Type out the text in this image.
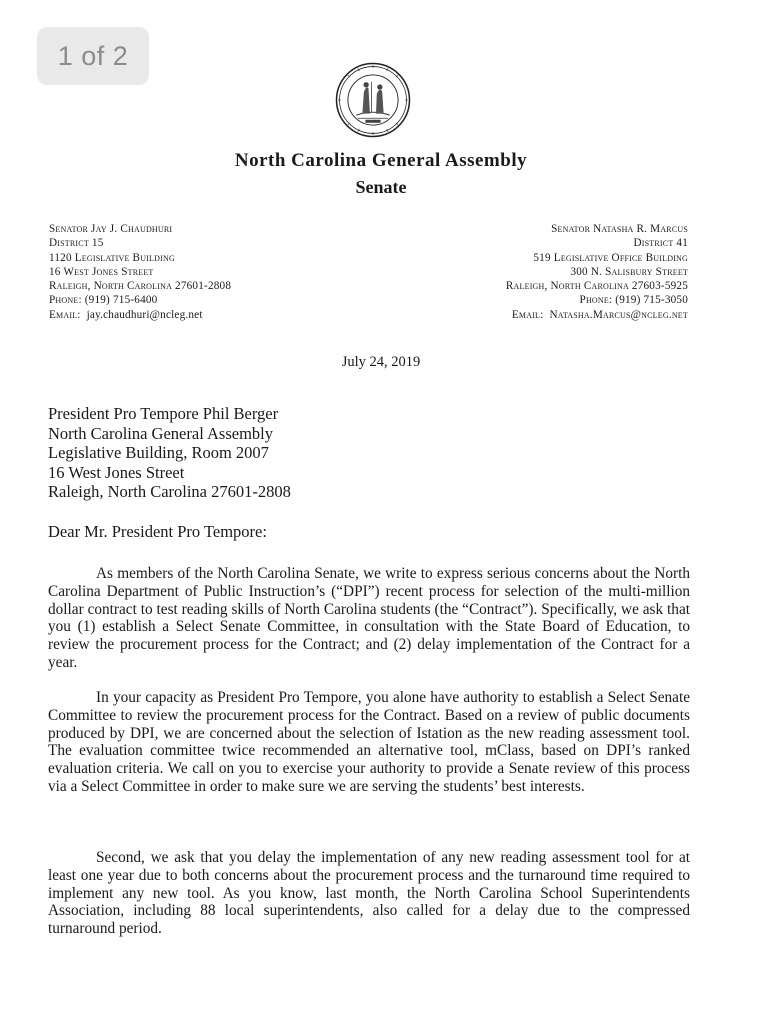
1 of 2
North Carolina General Assembly
Senate
Senator Jay J. Chaudhuri
District 15
1120 Legislative Building
16 West Jones Street
Raleigh, North Carolina 27601-2808
Phone: (919) 715-6400
Email: jay.chaudhuri@ncleg.net
Senator Natasha R. Marcus
District 41
519 Legislative Office Building
300 N. Salisbury Street
Raleigh, North Carolina 27603-5925
Phone: (919) 715-3050
Email: Natasha.Marcus@ncleg.net
July 24, 2019
President Pro Tempore Phil Berger
North Carolina General Assembly
Legislative Building, Room 2007
16 West Jones Street
Raleigh, North Carolina 27601-2808
Dear Mr. President Pro Tempore:

As members of the North Carolina Senate, we write to express serious concerns about the North Carolina Department of Public Instruction’s (“DPI”) recent process for selection of the multi-million dollar contract to test reading skills of North Carolina students (the “Contract”). Specifically, we ask that you (1) establish a Select Senate Committee, in consultation with the State Board of Education, to review the procurement process for the Contract; and (2) delay implementation of the Contract for a year.

In your capacity as President Pro Tempore, you alone have authority to establish a Select Senate Committee to review the procurement process for the Contract. Based on a review of public documents produced by DPI, we are concerned about the selection of Istation as the new reading assessment tool. The evaluation committee twice recommended an alternative tool, mClass, based on DPI’s ranked evaluation criteria. We call on you to exercise your authority to provide a Senate review of this process via a Select Committee in order to make sure we are serving the students’ best interests.

Second, we ask that you delay the implementation of any new reading assessment tool for at least one year due to both concerns about the procurement process and the turnaround time required to implement any new tool. As you know, last month, the North Carolina School Superintendents Association, including 88 local superintendents, also called for a delay due to the compressed turnaround period.
